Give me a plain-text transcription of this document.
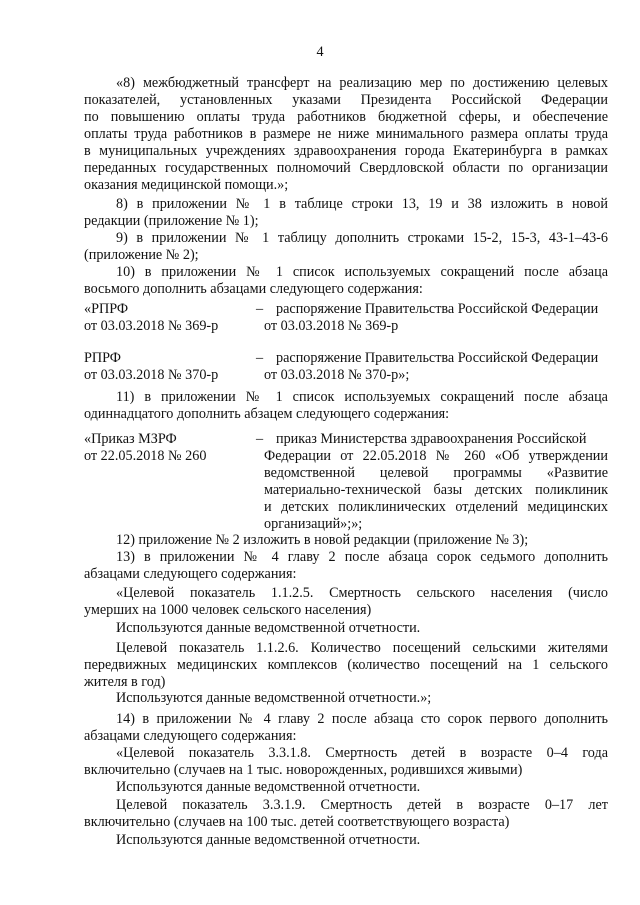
4
«8) межбюджетный трансферт на реализацию мер по достижению целевых
показателей, установленных указами Президента Российской Федерации
по повышению оплаты труда работников бюджетной сферы, и обеспечение
оплаты труда работников в размере не ниже минимального размера оплаты труда
в муниципальных учреждениях здравоохранения города Екатеринбурга в рамках
переданных государственных полномочий Свердловской области по организации
оказания медицинской помощи.»;
8) в приложении № 1 в таблице строки 13, 19 и 38 изложить в новой
редакции (приложение № 1);
9) в приложении № 1 таблицу дополнить строками 15-2, 15-3, 43-1–43-6
(приложение № 2);
10) в приложении № 1 список используемых сокращений после абзаца
восьмого дополнить абзацами следующего содержания:
«РПРФ
от 03.03.2018 № 369-р
– распоряжение Правительства Российской Федерации
от 03.03.2018 № 369-р
РПРФ
от 03.03.2018 № 370-р
– распоряжение Правительства Российской Федерации
от 03.03.2018 № 370-р»;
11) в приложении № 1 список используемых сокращений после абзаца
одиннадцатого дополнить абзацем следующего содержания:
«Приказ МЗРФ
от 22.05.2018 № 260
– приказ Министерства здравоохранения Российской
Федерации от 22.05.2018 № 260 «Об утверждении
ведомственной целевой программы «Развитие
материально-технической базы детских поликлиник
и детских поликлинических отделений медицинских
организаций»;»;
12) приложение № 2 изложить в новой редакции (приложение № 3);
13) в приложении № 4 главу 2 после абзаца сорок седьмого дополнить
абзацами следующего содержания:
«Целевой показатель 1.1.2.5. Смертность сельского населения (число
умерших на 1000 человек сельского населения)
Используются данные ведомственной отчетности.
Целевой показатель 1.1.2.6. Количество посещений сельскими жителями
передвижных медицинских комплексов (количество посещений на 1 сельского
жителя в год)
Используются данные ведомственной отчетности.»;
14) в приложении № 4 главу 2 после абзаца сто сорок первого дополнить
абзацами следующего содержания:
«Целевой показатель 3.3.1.8. Смертность детей в возрасте 0–4 года
включительно (случаев на 1 тыс. новорожденных, родившихся живыми)
Используются данные ведомственной отчетности.
Целевой показатель 3.3.1.9. Смертность детей в возрасте 0–17 лет
включительно (случаев на 100 тыс. детей соответствующего возраста)
Используются данные ведомственной отчетности.
